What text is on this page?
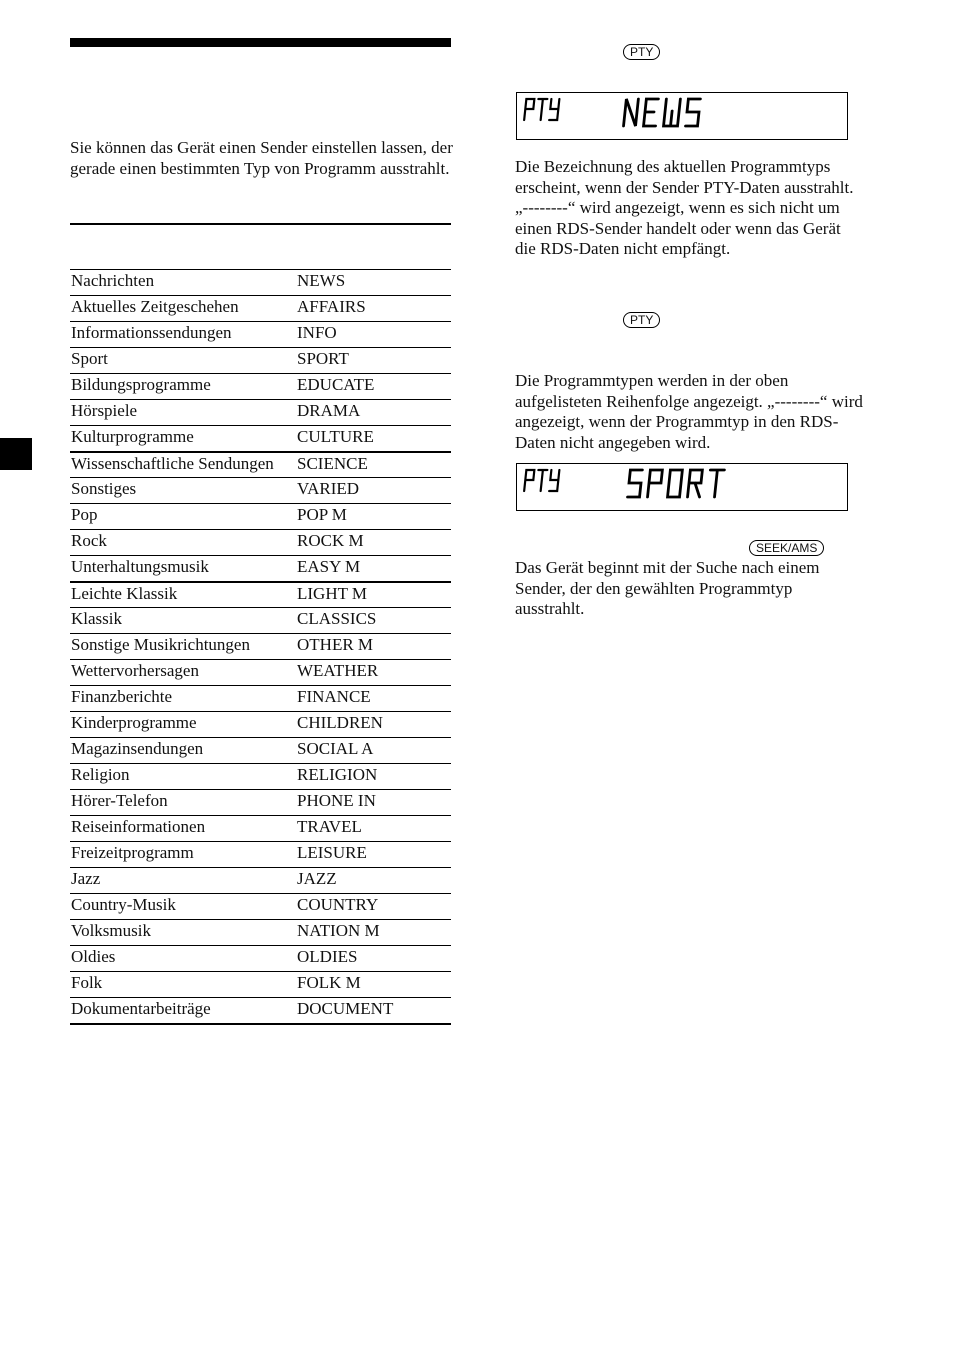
Sie können das Gerät einen Sender einstellen lassen, der gerade einen bestimmten Typ von Programm ausstrahlt.

Nachrichten	NEWS
Aktuelles Zeitgeschehen	AFFAIRS
Informationssendungen	INFO
Sport	SPORT
Bildungsprogramme	EDUCATE
Hörspiele	DRAMA
Kulturprogramme	CULTURE
Wissenschaftliche Sendungen	SCIENCE
Sonstiges	VARIED
Pop	POP M
Rock	ROCK M
Unterhaltungsmusik	EASY M
Leichte Klassik	LIGHT M
Klassik	CLASSICS
Sonstige Musikrichtungen	OTHER M
Wettervorhersagen	WEATHER
Finanzberichte	FINANCE
Kinderprogramme	CHILDREN
Magazinsendungen	SOCIAL A
Religion	RELIGION
Hörer-Telefon	PHONE IN
Reiseinformationen	TRAVEL
Freizeitprogramm	LEISURE
Jazz	JAZZ
Country-Musik	COUNTRY
Volksmusik	NATION M
Oldies	OLDIES
Folk	FOLK M
Dokumentarbeiträge	DOCUMENT
PTY

Die Bezeichnung des aktuellen Programmtyps erscheint, wenn der Sender PTY-Daten ausstrahlt. „--------“ wird angezeigt, wenn es sich nicht um einen RDS-Sender handelt oder wenn das Gerät die RDS-Daten nicht empfängt.

PTY

Die Programmtypen werden in der oben aufgelisteten Reihenfolge angezeigt. „--------“ wird angezeigt, wenn der Programmtyp in den RDS-Daten nicht angegeben wird.

SEEK/AMS

Das Gerät beginnt mit der Suche nach einem Sender, der den gewählten Programmtyp ausstrahlt.
